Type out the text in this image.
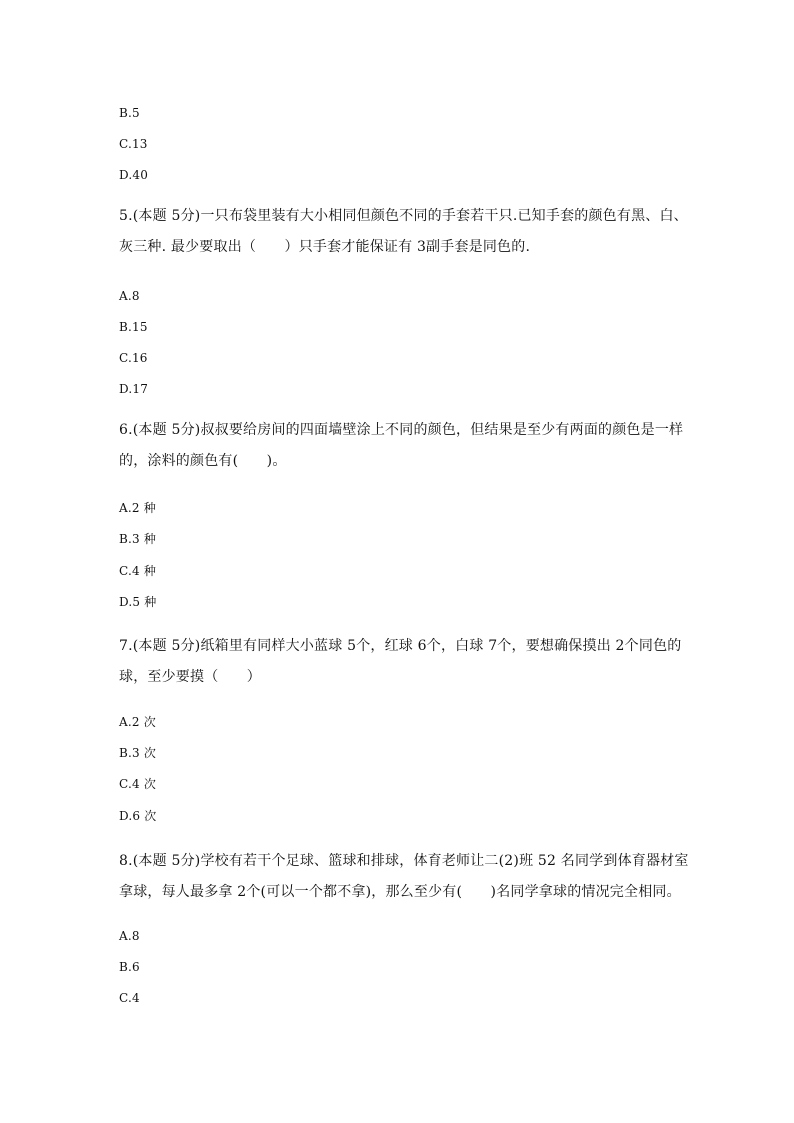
B.5
C.13
D.40
5.(本题 5分)一只布袋里装有大小相同但颜色不同的手套若干只.已知手套的颜色有黑、白、
灰三种. 最少要取出（　　）只手套才能保证有 3副手套是同色的.
A.8
B.15
C.16
D.17
6.(本题 5分)叔叔要给房间的四面墙壁涂上不同的颜色，但结果是至少有两面的颜色是一样
的，涂料的颜色有(　　)。
A.2 种
B.3 种
C.4 种
D.5 种
7.(本题 5分)纸箱里有同样大小蓝球 5个，红球 6个，白球 7个，要想确保摸出 2个同色的
球，至少要摸（　　）
A.2 次
B.3 次
C.4 次
D.6 次
8.(本题 5分)学校有若干个足球、篮球和排球，体育老师让二(2)班 52 名同学到体育器材室
拿球，每人最多拿 2个(可以一个都不拿)，那么至少有(　　)名同学拿球的情况完全相同。
A.8
B.6
C.4
